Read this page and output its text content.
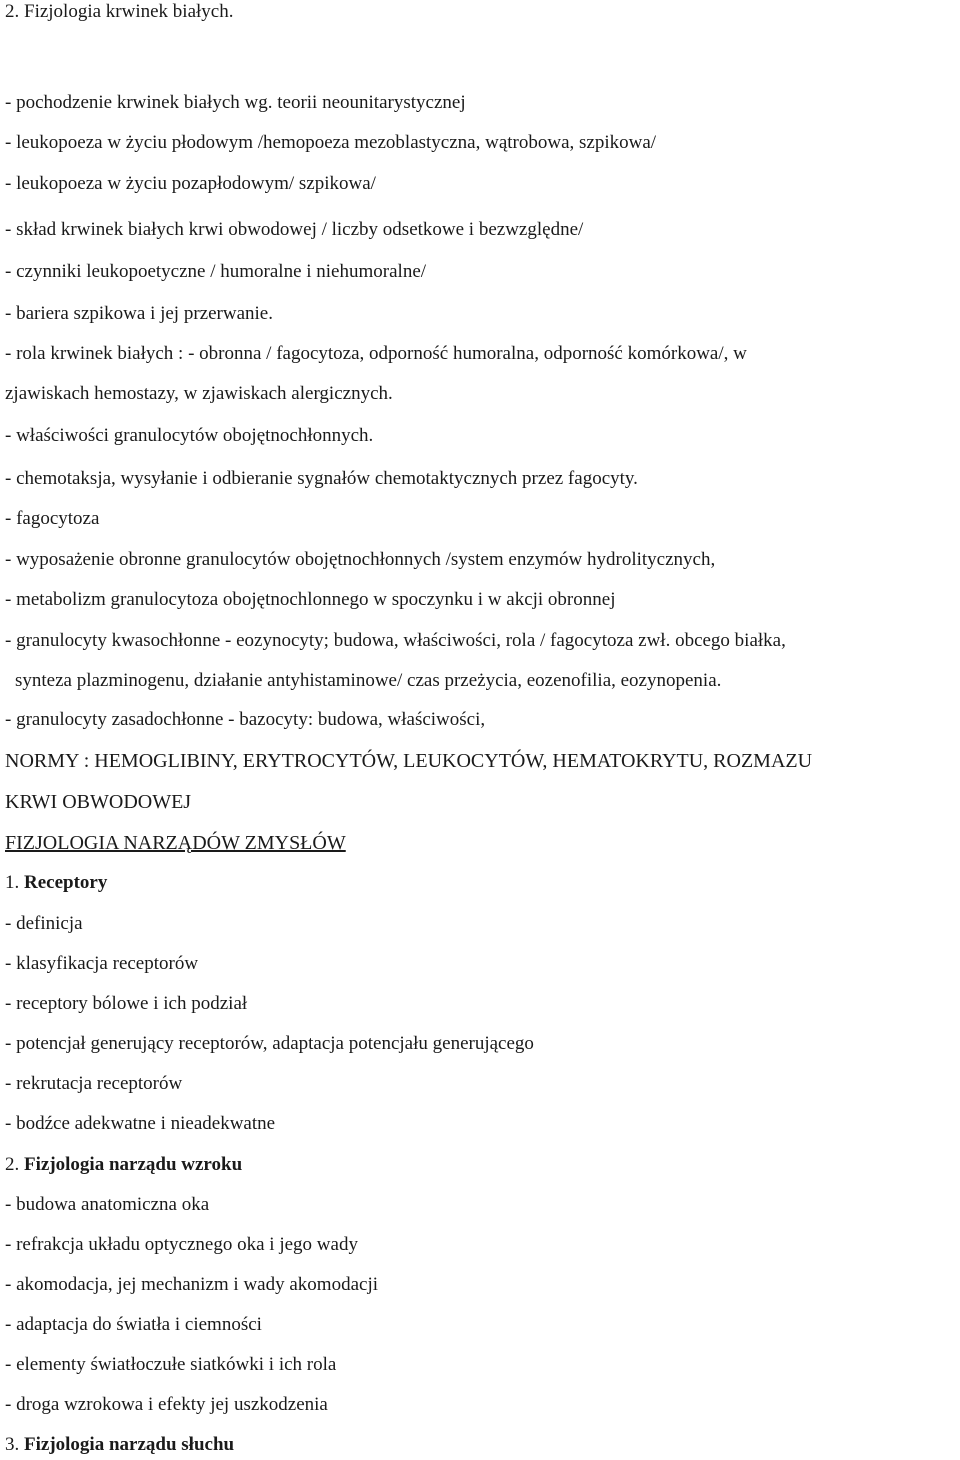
2. Fizjologia krwinek białych.
- pochodzenie krwinek białych wg. teorii neounitarystycznej
- leukopoeza w życiu płodowym /hemopoeza mezoblastyczna, wątrobowa, szpikowa/
- leukopoeza w życiu pozapłodowym/ szpikowa/
- skład krwinek białych krwi obwodowej / liczby odsetkowe i bezwzględne/
- czynniki leukopoetyczne / humoralne i niehumoralne/
- bariera szpikowa i jej przerwanie.
- rola krwinek białych : - obronna / fagocytoza, odporność humoralna, odporność komórkowa/, w
zjawiskach hemostazy, w zjawiskach alergicznych.
- właściwości granulocytów obojętnochłonnych.
- chemotaksja, wysyłanie i odbieranie sygnałów chemotaktycznych przez fagocyty.
- fagocytoza
- wyposażenie obronne granulocytów obojętnochłonnych /system enzymów hydrolitycznych,
- metabolizm granulocytoza obojętnochlonnego w spoczynku i w akcji obronnej
- granulocyty kwasochłonne - eozynocyty; budowa, właściwości, rola / fagocytoza zwł. obcego białka,
synteza plazminogenu, działanie antyhistaminowe/ czas przeżycia, eozenofilia, eozynopenia.
- granulocyty zasadochłonne - bazocyty: budowa, właściwości,
NORMY : HEMOGLIBINY, ERYTROCYTÓW, LEUKOCYTÓW, HEMATOKRYTU, ROZMAZU
KRWI OBWODOWEJ
FIZJOLOGIA NARZĄDÓW ZMYSŁÓW
1. Receptory
- definicja
- klasyfikacja receptorów
- receptory bólowe i ich podział
- potencjał generujący receptorów, adaptacja potencjału generującego
- rekrutacja receptorów
- bodźce adekwatne i nieadekwatne
2. Fizjologia narządu wzroku
- budowa anatomiczna oka
- refrakcja układu optycznego oka i jego wady
- akomodacja, jej mechanizm i wady akomodacji
- adaptacja do światła i ciemności
- elementy światłoczułe siatkówki i ich rola
- droga wzrokowa i efekty jej uszkodzenia
3. Fizjologia narządu słuchu
